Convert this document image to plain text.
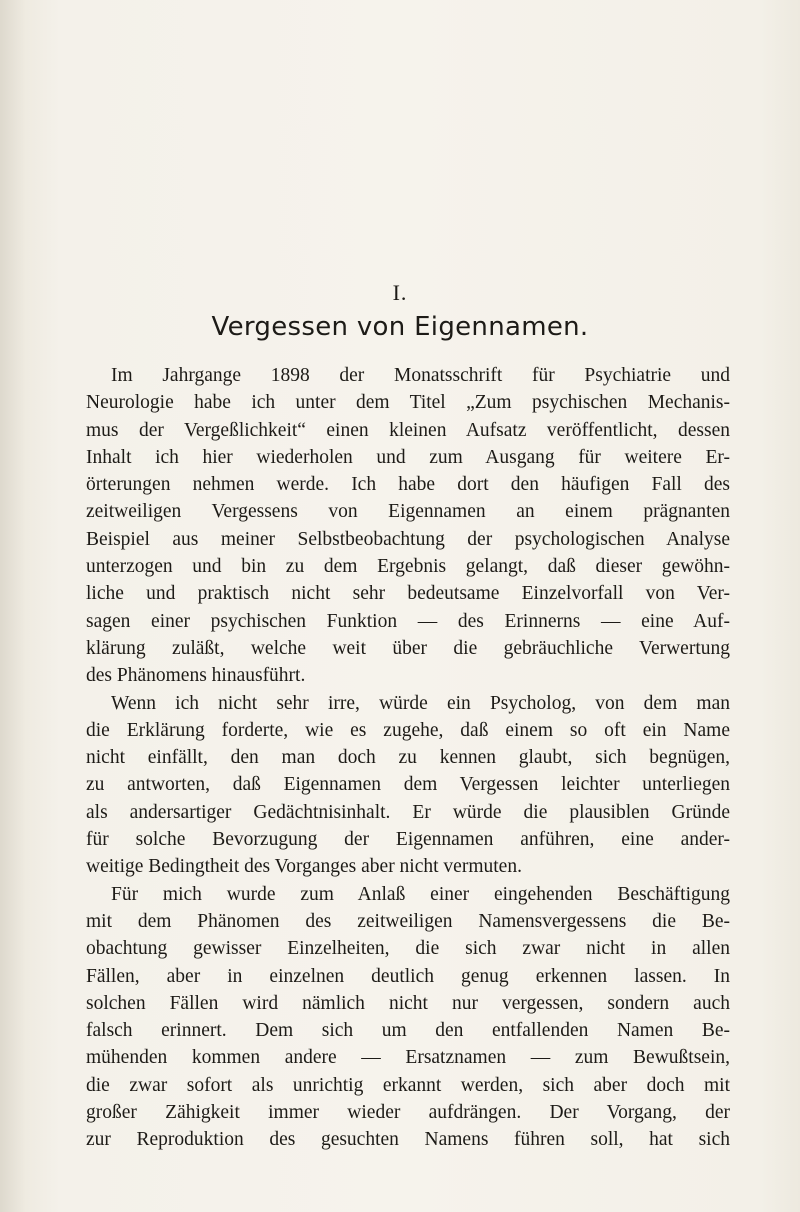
I.
Vergessen von Eigennamen.
Im Jahrgange 1898 der Monatsschrift für Psychiatrie und
Neurologie habe ich unter dem Titel „Zum psychischen Mechanis-
mus der Vergeßlichkeit“ einen kleinen Aufsatz veröffentlicht, dessen
Inhalt ich hier wiederholen und zum Ausgang für weitere Er-
örterungen nehmen werde. Ich habe dort den häufigen Fall des
zeitweiligen Vergessens von Eigennamen an einem prägnanten
Beispiel aus meiner Selbstbeobachtung der psychologischen Analyse
unterzogen und bin zu dem Ergebnis gelangt, daß dieser gewöhn-
liche und praktisch nicht sehr bedeutsame Einzelvorfall von Ver-
sagen einer psychischen Funktion — des Erinnerns — eine Auf-
klärung zuläßt, welche weit über die gebräuchliche Verwertung
des Phänomens hinausführt.
Wenn ich nicht sehr irre, würde ein Psycholog, von dem man
die Erklärung forderte, wie es zugehe, daß einem so oft ein Name
nicht einfällt, den man doch zu kennen glaubt, sich begnügen,
zu antworten, daß Eigennamen dem Vergessen leichter unterliegen
als andersartiger Gedächtnisinhalt. Er würde die plausiblen Gründe
für solche Bevorzugung der Eigennamen anführen, eine ander-
weitige Bedingtheit des Vorganges aber nicht vermuten.
Für mich wurde zum Anlaß einer eingehenden Beschäftigung
mit dem Phänomen des zeitweiligen Namensvergessens die Be-
obachtung gewisser Einzelheiten, die sich zwar nicht in allen
Fällen, aber in einzelnen deutlich genug erkennen lassen. In
solchen Fällen wird nämlich nicht nur vergessen, sondern auch
falsch erinnert. Dem sich um den entfallenden Namen Be-
mühenden kommen andere — Ersatznamen — zum Bewußtsein,
die zwar sofort als unrichtig erkannt werden, sich aber doch mit
großer Zähigkeit immer wieder aufdrängen. Der Vorgang, der
zur Reproduktion des gesuchten Namens führen soll, hat sich
